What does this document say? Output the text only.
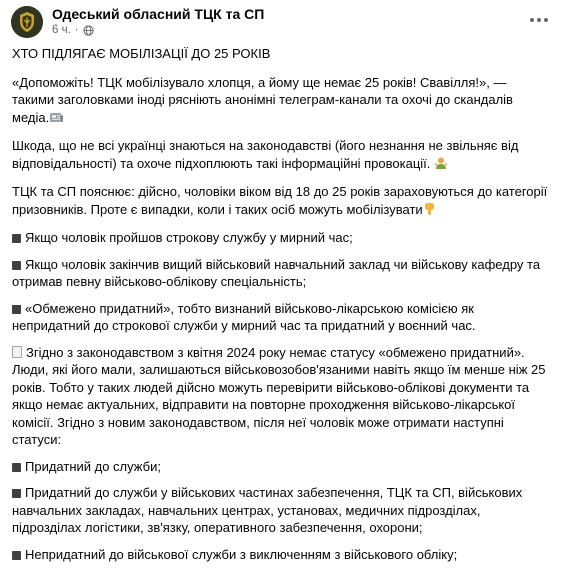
Одеський обласний ТЦК та СП
6 ч. ·

ХТО ПІДЛЯГАЄ МОБІЛІЗАЦІЇ ДО 25 РОКІВ

«Допоможіть! ТЦК мобілізувало хлопця, а йому ще немає 25 років! Свавілля!», — такими заголовками іноді рясніють анонімні телеграм-канали та охочі до скандалів медіа.

Шкода, що не всі українці знаються на законодавстві (його незнання не звільняє від відповідальності) та охоче підхоплюють такі інформаційні провокації.

ТЦК та СП пояснює: дійсно, чоловіки віком від 18 до 25 років зараховуються до категорії призовників. Проте є випадки, коли і таких осіб можуть мобілізувати

Якщо чоловік пройшов строкову службу у мирний час;

Якщо чоловік закінчив вищий військовий навчальний заклад чи військову кафедру та отримав певну військово-облікову спеціальність;

«Обмежено придатний», тобто визнаний військово-лікарською комісією як непридатний до строкової служби у мирний час та придатний у воєнний час.

Згідно з законодавством з квітня 2024 року немає статусу «обмежено придатний». Люди, які його мали, залишаються військовозобов'язаними навіть якщо їм менше ніж 25 років. Тобто у таких людей дійсно можуть перевірити військово-облікові документи та якщо немає актуальних, відправити на повторне проходження військово-лікарської комісії. Згідно з новим законодавством, після неї чоловік може отримати наступні статуси:

Придатний до служби;

Придатний до служби у військових частинах забезпечення, ТЦК та СП, військових навчальних закладах, навчальних центрах, установах, медичних підрозділах, підрозділах логістики, зв'язку, оперативного забезпечення, охорони;

Непридатний до військової служби з виключенням з військового обліку;
